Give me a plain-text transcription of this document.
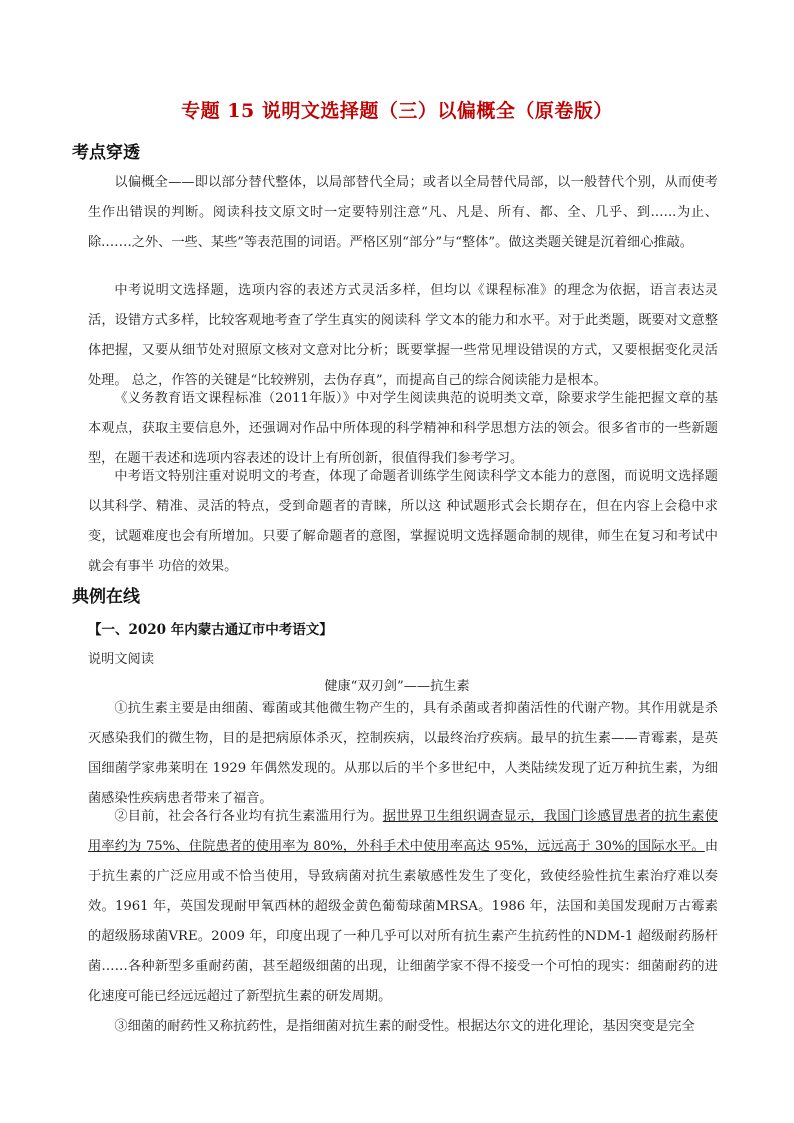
专题 15 说明文选择题（三）以偏概全（原卷版）
考点穿透

以偏概全——即以部分替代整体，以局部替代全局；或者以全局替代局部，以一般替代个别，从而使考生作出错误的判断。阅读科技文原文时一定要特别注意“凡、凡是、所有、都、全、几乎、到.…..为止、除.……之外、一些、某些”等表范围的词语。严格区别“部分”与“整体”。做这类题关键是沉着细心推敲。

中考说明文选择题，选项内容的表述方式灵活多样，但均以《课程标准》的理念为依据，语言表达灵活，设错方式多样，比较客观地考查了学生真实的阅读科 学文本的能力和水平。对于此类题，既要对文意整体把握，又要从细节处对照原文核对文意对比分析；既要掌握一些常见埋设错误的方式，又要根据变化灵活处理。 总之，作答的关键是“比较辨别，去伪存真”，而提高自己的综合阅读能力是根本。

《义务教育语文课程标准（2011年版）》中对学生阅读典范的说明类文章，除要求学生能把握文章的基本观点，获取主要信息外，还强调对作品中所体现的科学精神和科学思想方法的领会。很多省市的一些新题型，在题干表述和选项内容表述的设计上有所创新，很值得我们参考学习。

中考语文特别注重对说明文的考查，体现了命题者训练学生阅读科学文本能力的意图，而说明文选择题以其科学、精准、灵活的特点，受到命题者的青睐，所以这 种试题形式会长期存在，但在内容上会稳中求变，试题难度也会有所增加。只要了解命题者的意图，掌握说明文选择题命制的规律，师生在复习和考试中就会有事半 功倍的效果。

典例在线
【一、2020 年内蒙古通辽市中考语文】
说明文阅读
健康“双刃剑”——抗生素

①抗生素主要是由细菌、霉菌或其他微生物产生的，具有杀菌或者抑菌活性的代谢产物。其作用就是杀灭感染我们的微生物，目的是把病原体杀灭，控制疾病，以最终治疗疾病。最早的抗生素——青霉素，是英国细菌学家弗莱明在 1929 年偶然发现的。从那以后的半个多世纪中，人类陆续发现了近万种抗生素，为细菌感染性疾病患者带来了福音。

②目前，社会各行各业均有抗生素滥用行为。据世界卫生组织调查显示，我国门诊感冒患者的抗生素使用率约为 75%、住院患者的使用率为 80%，外科手术中使用率高达 95%，远远高于 30%的国际水平。由于抗生素的广泛应用或不恰当使用，导致病菌对抗生素敏感性发生了变化，致使经验性抗生素治疗难以奏效。1961 年，英国发现耐甲氧西林的超级金黄色葡萄球菌MRSA。1986 年，法国和美国发现耐万古霉素的超级肠球菌VRE。2009 年，印度出现了一种几乎可以对所有抗生素产生抗药性的NDM-1 超级耐药肠杆菌……各种新型多重耐药菌，甚至超级细菌的出现，让细菌学家不得不接受一个可怕的现实：细菌耐药的进化速度可能已经远远超过了新型抗生素的研发周期。

③细菌的耐药性又称抗药性，是指细菌对抗生素的耐受性。根据达尔文的进化理论，基因突变是完全
